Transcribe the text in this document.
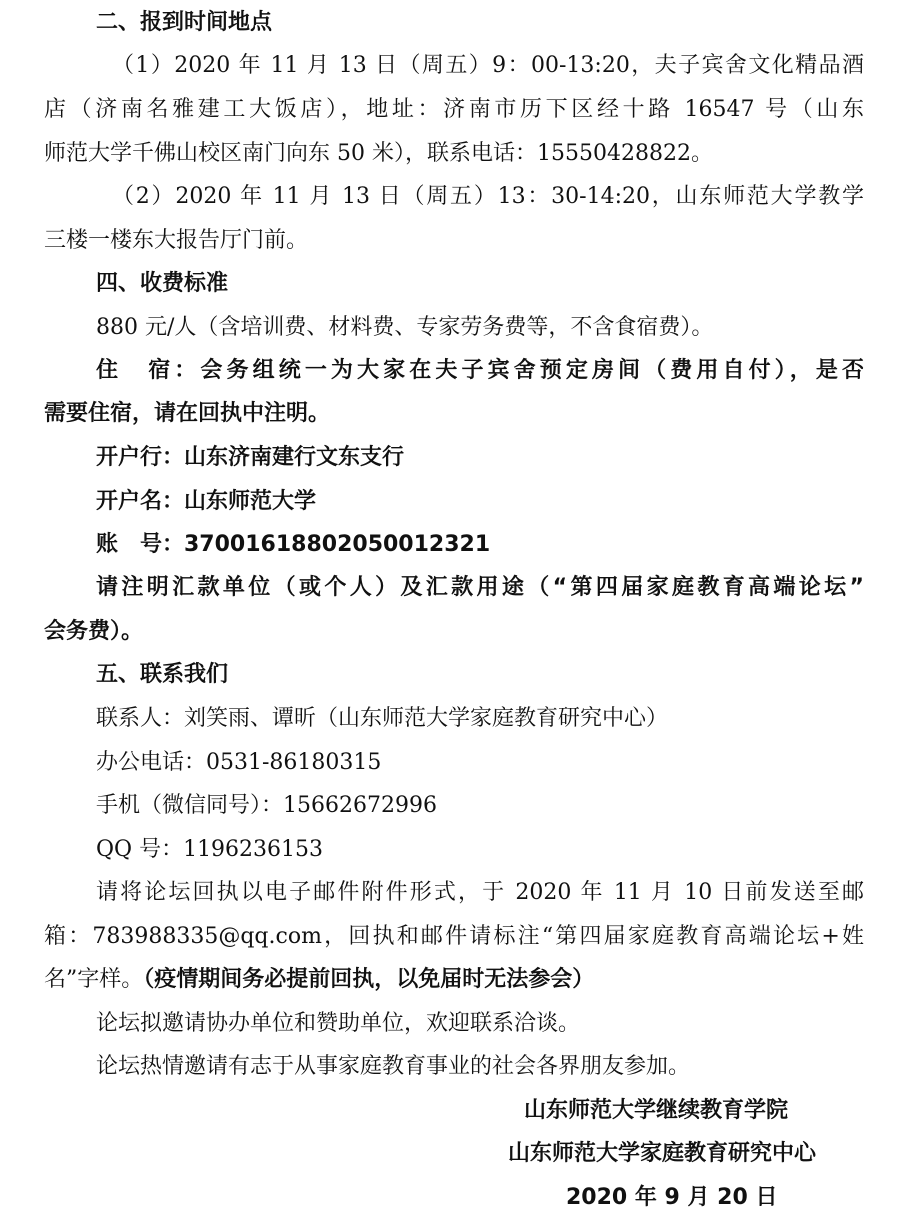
二、报到时间地点
（1）2020 年 11 月 13 日（周五）9：00-13:20，夫子宾舍文化精品酒
店（济南名雅建工大饭店），地址：济南市历下区经十路 16547 号（山东
师范大学千佛山校区南门向东 50 米），联系电话：15550428822。
（2）2020 年 11 月 13 日（周五）13：30-14:20，山东师范大学教学
三楼一楼东大报告厅门前。
四、收费标准
880 元/人（含培训费、材料费、专家劳务费等，不含食宿费）。
住　宿：会务组统一为大家在夫子宾舍预定房间（费用自付），是否
需要住宿，请在回执中注明。
开户行：山东济南建行文东支行
开户名：山东师范大学
账　号：37001618802050012321
请注明汇款单位（或个人）及汇款用途（“第四届家庭教育高端论坛”
会务费）。
五、联系我们
联系人：刘笑雨、谭昕（山东师范大学家庭教育研究中心）
办公电话：0531-86180315
手机（微信同号）：15662672996
QQ 号：1196236153
请将论坛回执以电子邮件附件形式，于 2020 年 11 月 10 日前发送至邮
箱：783988335@qq.com，回执和邮件请标注“第四届家庭教育高端论坛+姓
名”字样。（疫情期间务必提前回执，以免届时无法参会）
论坛拟邀请协办单位和赞助单位，欢迎联系洽谈。
论坛热情邀请有志于从事家庭教育事业的社会各界朋友参加。
山东师范大学继续教育学院
山东师范大学家庭教育研究中心
2020 年 9 月 20 日
